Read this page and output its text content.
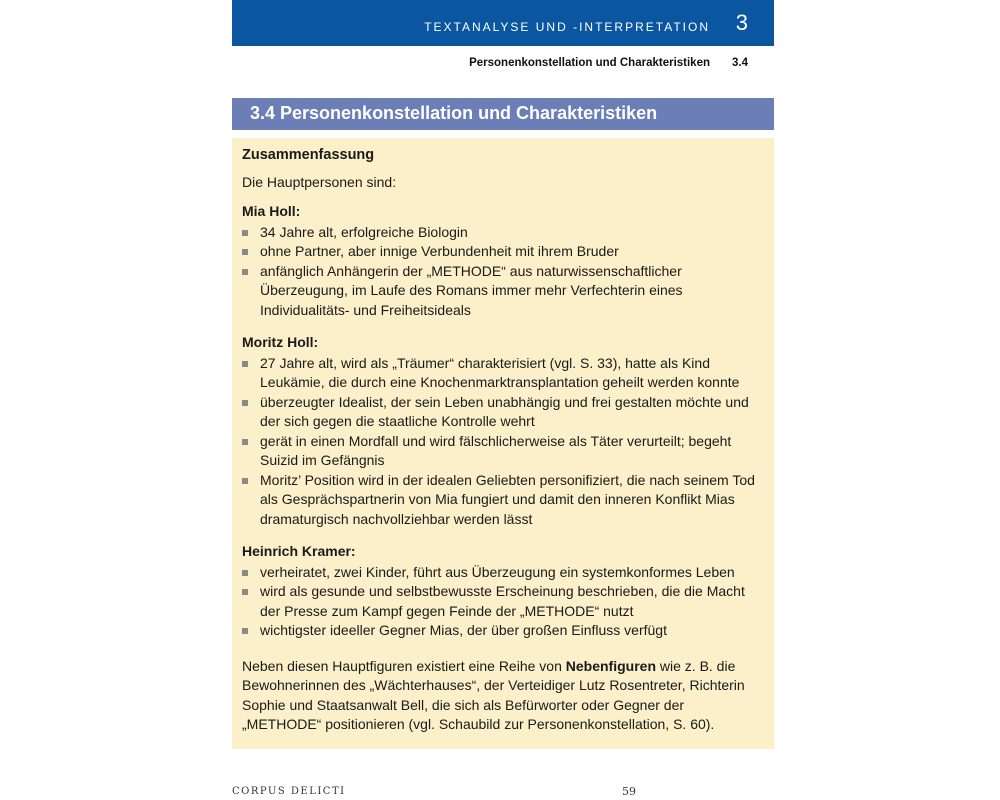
TEXTANALYSE UND -INTERPRETATION 3
Personenkonstellation und Charakteristiken 3.4
3.4 Personenkonstellation und Charakteristiken
Zusammenfassung
Die Hauptpersonen sind:
Mia Holl:
34 Jahre alt, erfolgreiche Biologin
ohne Partner, aber innige Verbundenheit mit ihrem Bruder
anfänglich Anhängerin der „METHODE“ aus naturwissenschaftlicher Überzeugung, im Laufe des Romans immer mehr Verfechterin eines Individualitäts- und Freiheitsideals
Moritz Holl:
27 Jahre alt, wird als „Träumer“ charakterisiert (vgl. S. 33), hatte als Kind Leukämie, die durch eine Knochenmarktransplantation geheilt werden konnte
überzeugter Idealist, der sein Leben unabhängig und frei gestalten möchte und der sich gegen die staatliche Kontrolle wehrt
gerät in einen Mordfall und wird fälschlicherweise als Täter verurteilt; begeht Suizid im Gefängnis
Moritz’ Position wird in der idealen Geliebten personifiziert, die nach seinem Tod als Gesprächspartnerin von Mia fungiert und damit den inneren Konflikt Mias dramaturgisch nachvollziehbar werden lässt
Heinrich Kramer:
verheiratet, zwei Kinder, führt aus Überzeugung ein systemkonformes Leben
wird als gesunde und selbstbewusste Erscheinung beschrieben, die die Macht der Presse zum Kampf gegen Feinde der „METHODE“ nutzt
wichtigster ideeller Gegner Mias, der über großen Einfluss verfügt
Neben diesen Hauptfiguren existiert eine Reihe von Nebenfiguren wie z. B. die Bewohnerinnen des „Wächterhauses“, der Verteidiger Lutz Rosentreter, Richterin Sophie und Staatsanwalt Bell, die sich als Befürworter oder Gegner der „METHODE“ positionieren (vgl. Schaubild zur Personenkonstellation, S. 60).
CORPUS DELICTI	59
